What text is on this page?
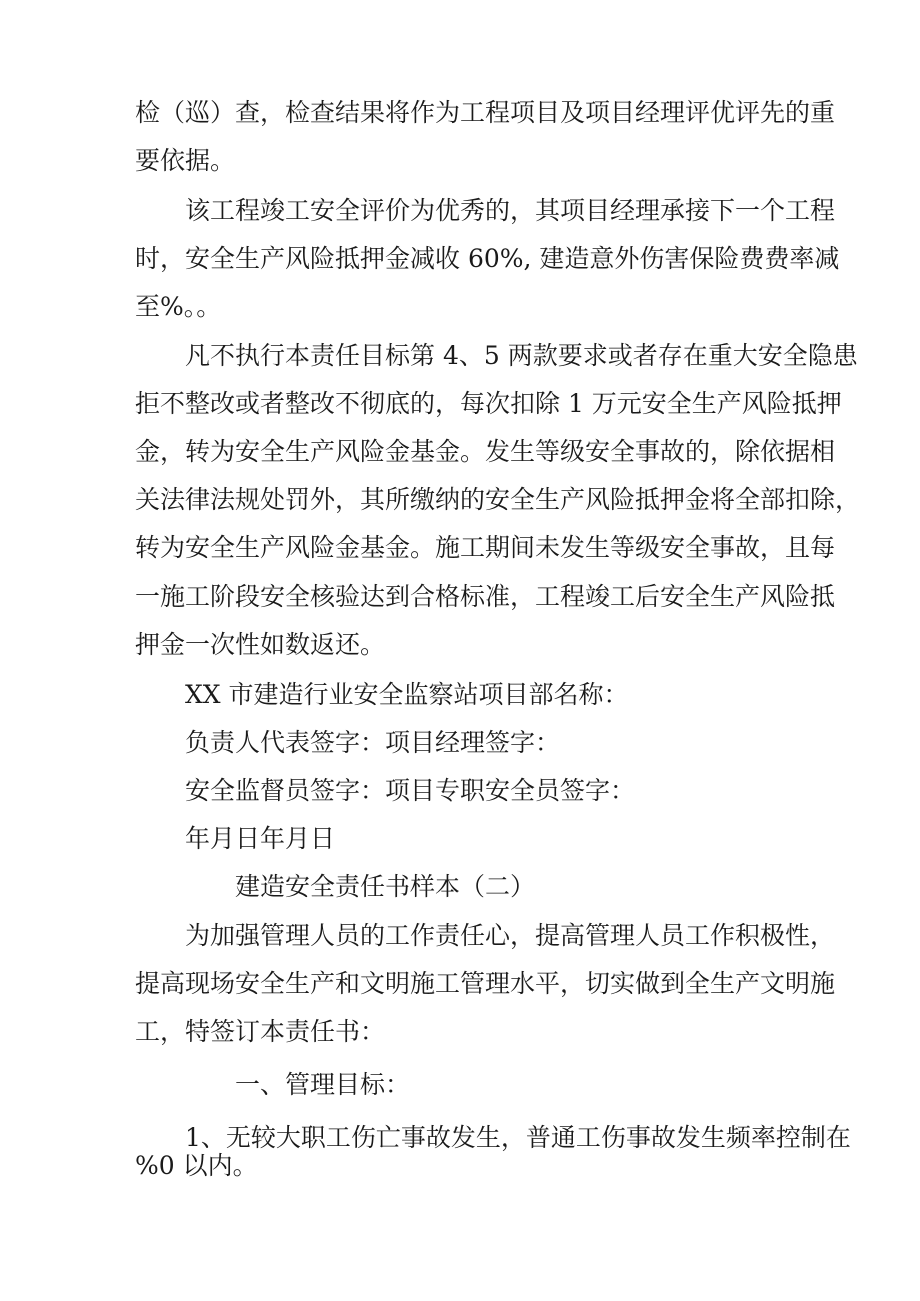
检（巡）查，检查结果将作为工程项目及项目经理评优评先的重
要依据。
该工程竣工安全评价为优秀的，其项目经理承接下一个工程
时，安全生产风险抵押金减收 60%, 建造意外伤害保险费费率减
至%。。
凡不执行本责任目标第 4、5 两款要求或者存在重大安全隐患
拒不整改或者整改不彻底的，每次扣除 1 万元安全生产风险抵押
金，转为安全生产风险金基金。发生等级安全事故的，除依据相
关法律法规处罚外，其所缴纳的安全生产风险抵押金将全部扣除，
转为安全生产风险金基金。施工期间未发生等级安全事故，且每
一施工阶段安全核验达到合格标准，工程竣工后安全生产风险抵
押金一次性如数返还。
XX 市建造行业安全监察站项目部名称：
负责人代表签字：项目经理签字：
安全监督员签字：项目专职安全员签字：
年月日年月日
建造安全责任书样本（二）
为加强管理人员的工作责任心，提高管理人员工作积极性，
提高现场安全生产和文明施工管理水平，切实做到全生产文明施
工，特签订本责任书：
一、管理目标：
1、无较大职工伤亡事故发生，普通工伤事故发生频率控制在
%0 以内。
